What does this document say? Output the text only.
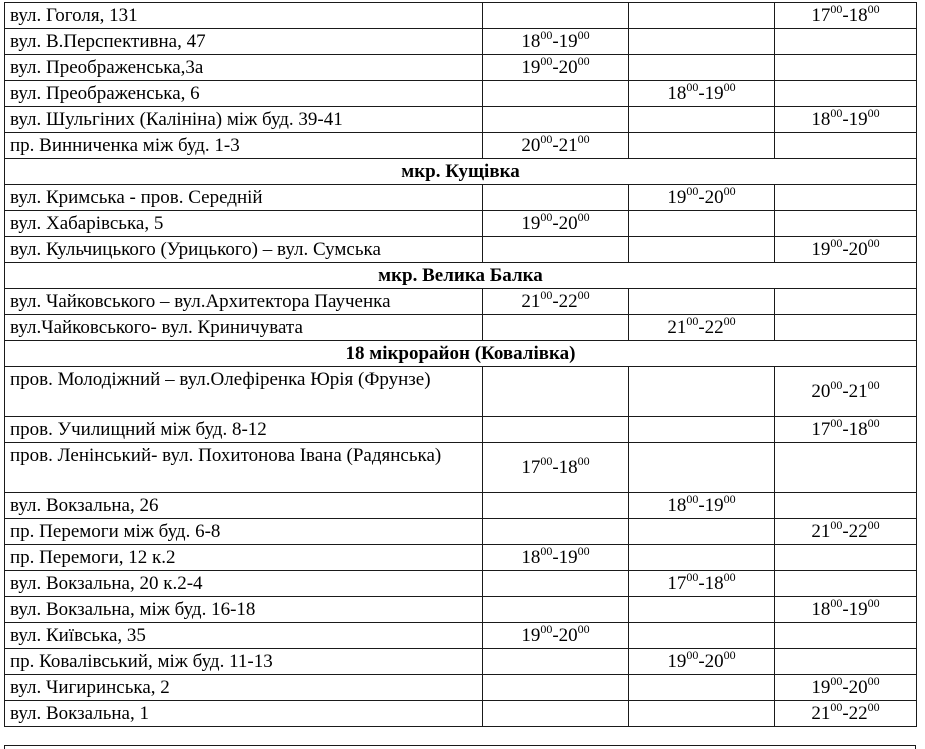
вул. Гоголя, 131			$17^{00}-18^{00}$
вул. В.Перспективна, 47	$18^{00}-19^{00}$		
вул. Преображенська,3а	$19^{00}-20^{00}$		
вул. Преображенська, 6		$18^{00}-19^{00}$	
вул. Шульгіних (Калініна) між буд. 39-41			$18^{00}-19^{00}$
пр. Винниченка між буд. 1-3	$20^{00}-21^{00}$		
мкр. Кущівка			
вул. Кримська - пров. Середній		$19^{00}-20^{00}$	
вул. Хабарівська, 5	$19^{00}-20^{00}$		
вул. Кульчицького (Урицького) – вул. Сумська			$19^{00}-20^{00}$
мкр. Велика Балка			
вул. Чайковського – вул.Архитектора Паученка	$21^{00}-22^{00}$		
вул.Чайковського- вул. Криничувата		$21^{00}-22^{00}$	
18 мікрорайон (Ковалівка)			
пров. Молодіжний – вул.Олефіренка Юрія (Фрунзе)			$20^{00}-21^{00}$
пров. Училищний між буд. 8-12			$17^{00}-18^{00}$
пров. Ленінський- вул. Похитонова Івана (Радянська)	$17^{00}-18^{00}$		
вул. Вокзальна, 26		$18^{00}-19^{00}$	
пр. Перемоги між буд. 6-8			$21^{00}-22^{00}$
пр. Перемоги, 12 к.2	$18^{00}-19^{00}$		
вул. Вокзальна, 20 к.2-4		$17^{00}-18^{00}$	
вул. Вокзальна, між буд. 16-18			$18^{00}-19^{00}$
вул. Київська, 35	$19^{00}-20^{00}$		
пр. Ковалівський, між буд. 11-13		$19^{00}-20^{00}$	
вул. Чигиринська, 2			$19^{00}-20^{00}$
вул. Вокзальна, 1			$21^{00}-22^{00}$
